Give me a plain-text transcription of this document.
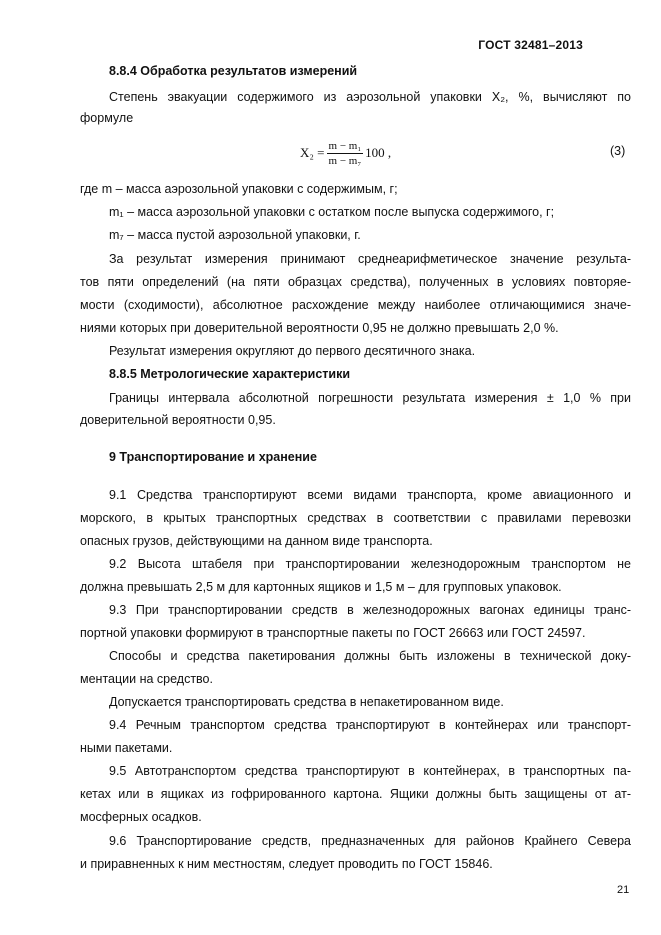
ГОСТ 32481–2013
8.8.4 Обработка результатов измерений
Степень эвакуации содержимого из аэрозольной упаковки X₂, %, вычисляют по
формуле
$X_2 = \frac{\text{m − m₁}}{\text{m − m₇}} 100$ ,	(3)
где m – масса аэрозольной упаковки с содержимым, г;
m₁ – масса аэрозольной упаковки с остатком после выпуска содержимого, г;
m₇ – масса пустой аэрозольной упаковки, г.
За результат измерения принимают среднеарифметическое значение результа-
тов пяти определений (на пяти образцах средства), полученных в условиях повторяе-
мости (сходимости), абсолютное расхождение между наиболее отличающимися значе-
ниями которых при доверительной вероятности 0,95 не должно превышать 2,0 %.
Результат измерения округляют до первого десятичного знака.
8.8.5 Метрологические характеристики
Границы интервала абсолютной погрешности результата измерения ± 1,0 % при
доверительной вероятности 0,95.
9 Транспортирование и хранение
9.1 Средства транспортируют всеми видами транспорта, кроме авиационного и
морского, в крытых транспортных средствах в соответствии с правилами перевозки
опасных грузов, действующими на данном виде транспорта.
9.2 Высота штабеля при транспортировании железнодорожным транспортом не
должна превышать 2,5 м для картонных ящиков и 1,5 м – для групповых упаковок.
9.3 При транспортировании средств в железнодорожных вагонах единицы транс-
портной упаковки формируют в транспортные пакеты по ГОСТ 26663 или ГОСТ 24597.
Способы и средства пакетирования должны быть изложены в технической доку-
ментации на средство.
Допускается транспортировать средства в непакетированном виде.
9.4 Речным транспортом средства транспортируют в контейнерах или транспорт-
ными пакетами.
9.5 Автотранспортом средства транспортируют в контейнерах, в транспортных па-
кетах или в ящиках из гофрированного картона. Ящики должны быть защищены от ат-
мосферных осадков.
9.6 Транспортирование средств, предназначенных для районов Крайнего Севера
и приравненных к ним местностям, следует проводить по ГОСТ 15846.
21
